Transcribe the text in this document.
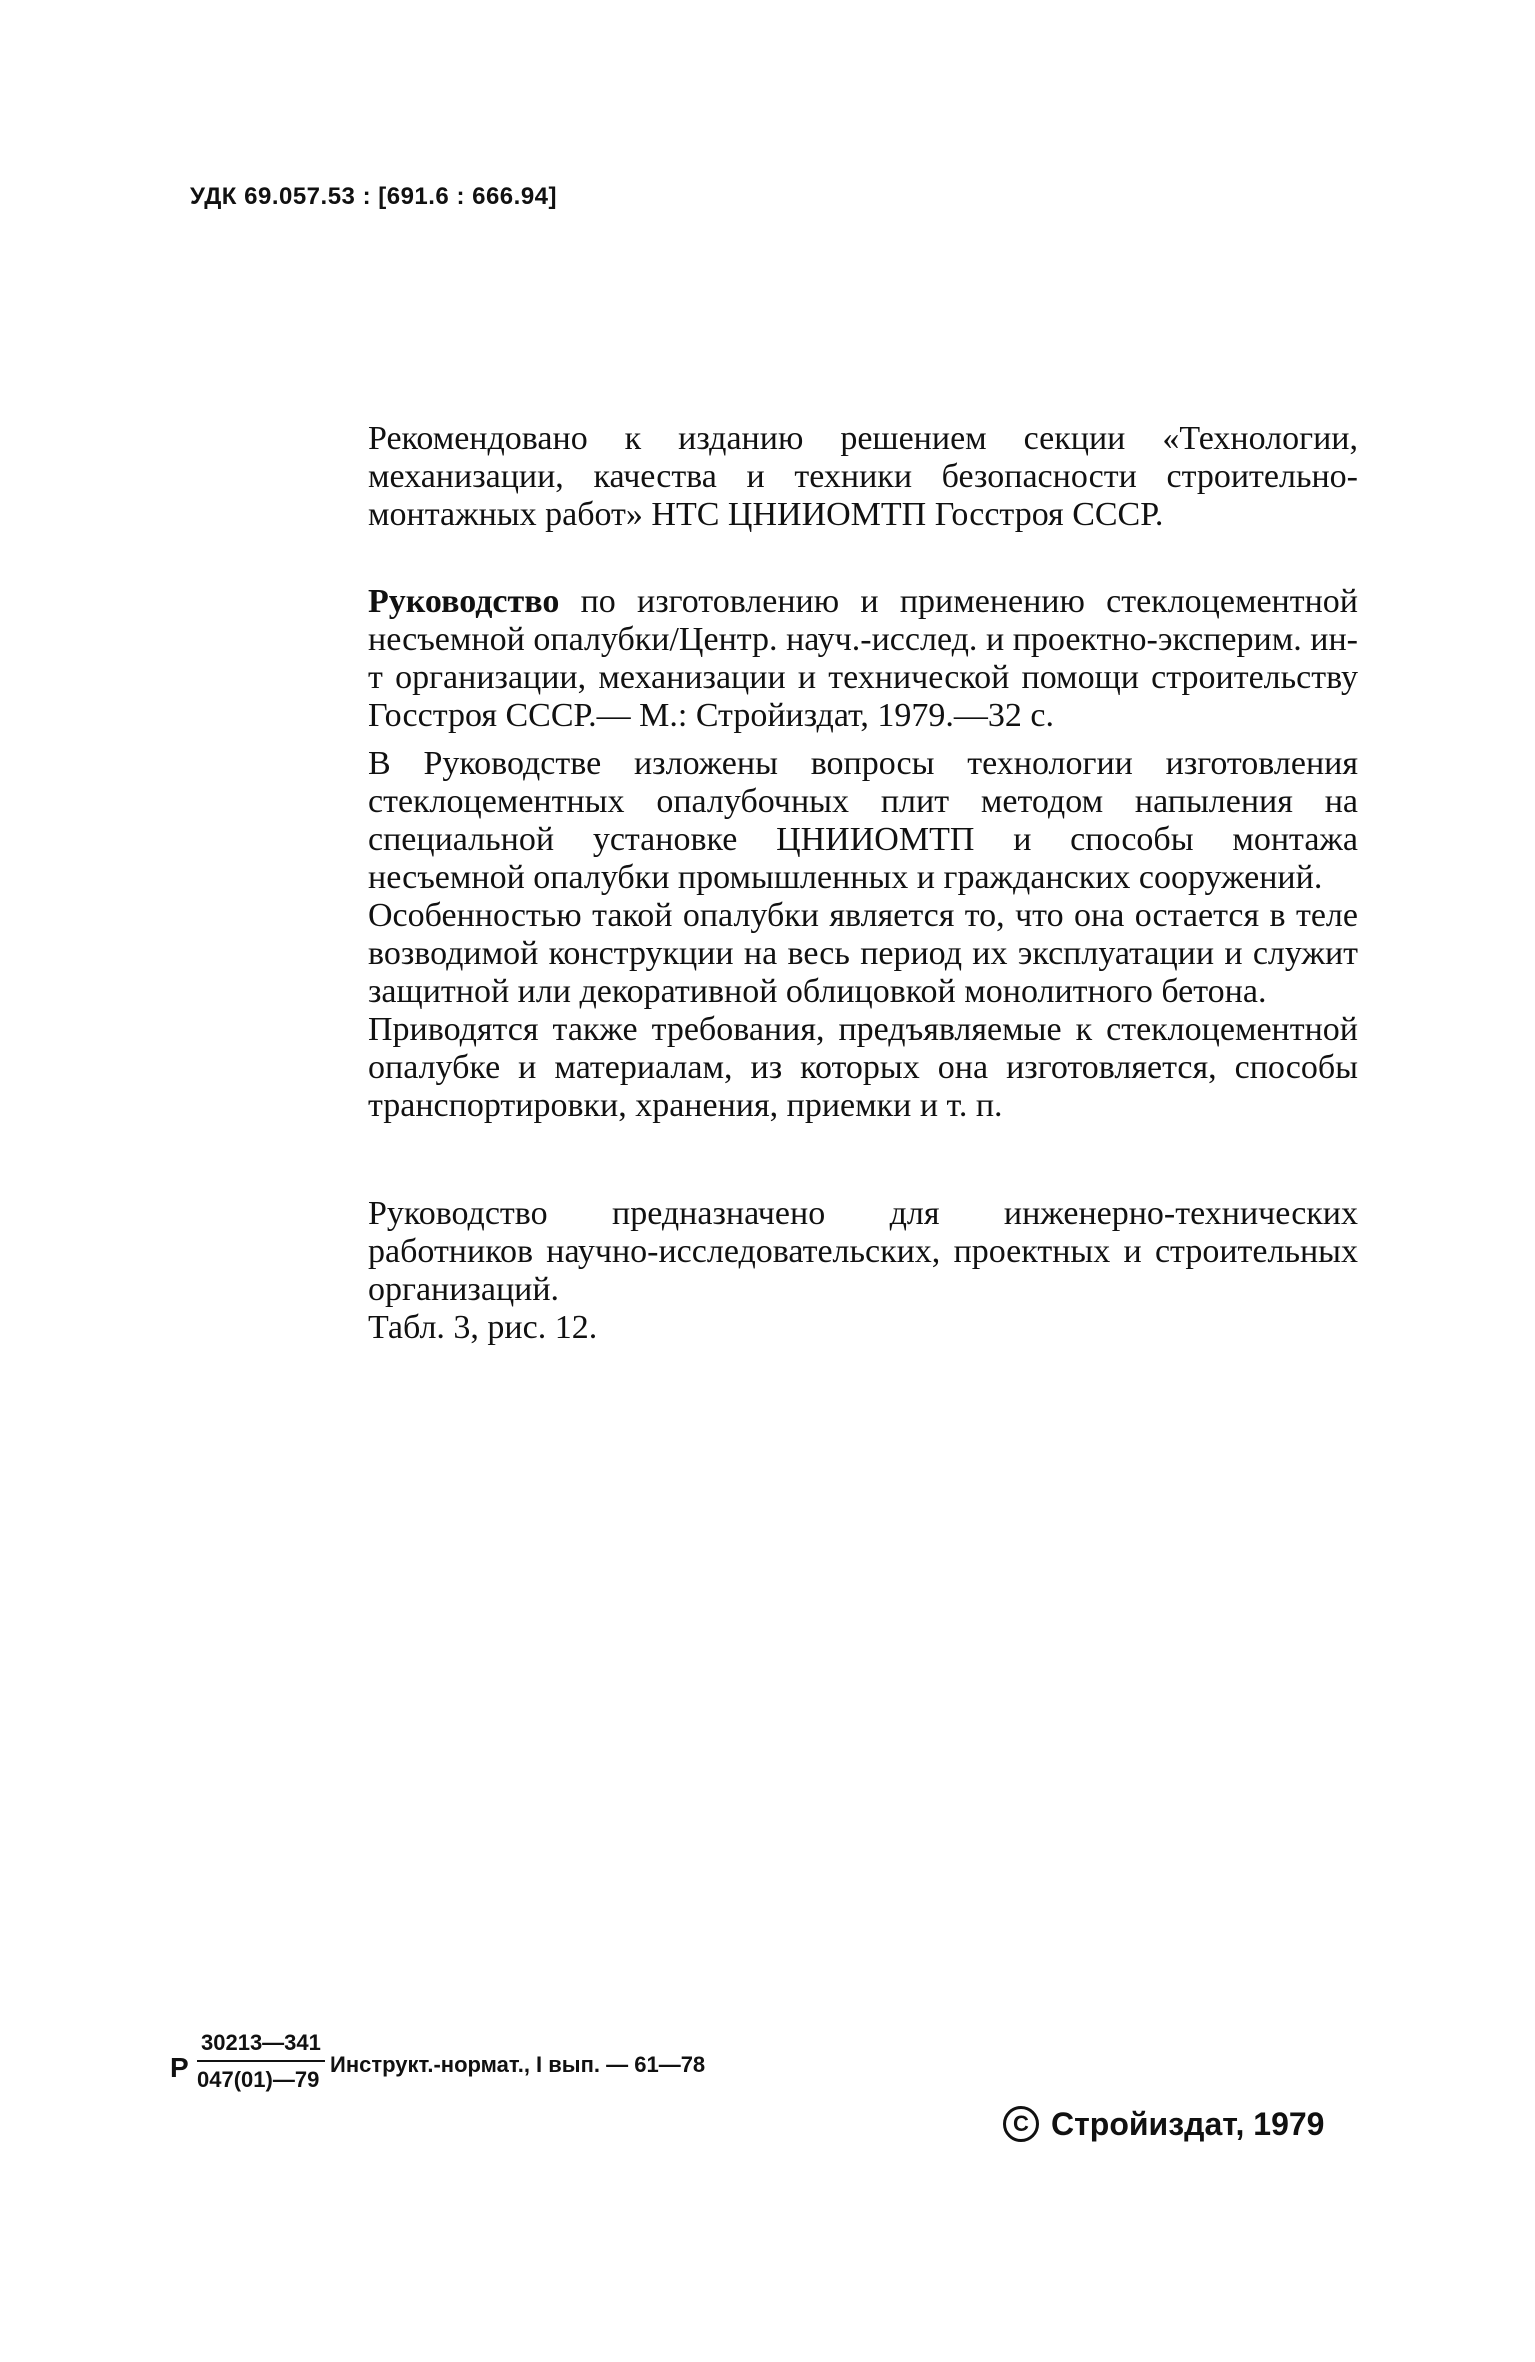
УДК 69.057.53 : [691.6 : 666.94]

Рекомендовано к изданию решением секции «Технологии, механизации, качества и техники безопасности строительно-монтажных работ» НТС ЦНИИОМТП Госстроя СССР.

Руководство по изготовлению и применению стеклоцементной несъемной опалубки/Центр. науч.-исслед. и проектно-эксперим. ин-т организации, механизации и технической помощи строительству Госстроя СССР.— М.: Стройиздат, 1979.—32 с.

В Руководстве изложены вопросы технологии изготовления стеклоцементных опалубочных плит методом напыления на специальной установке ЦНИИОМТП и способы монтажа несъемной опалубки промышленных и гражданских сооружений.

Особенностью такой опалубки является то, что она остается в теле возводимой конструкции на весь период их эксплуатации и служит защитной или декоративной облицовкой монолитного бетона.

Приводятся также требования, предъявляемые к стеклоцементной опалубке и материалам, из которых она изготовляется, способы транспортировки, хранения, приемки и т. п.

Руководство предназначено для инженерно-технических работников научно-исследовательских, проектных и строительных организаций.

Табл. 3, рис. 12.

Р
30213—341
047(01)—79
Инструкт.-нормат., I вып. — 61—78
C Стройиздат, 1979
